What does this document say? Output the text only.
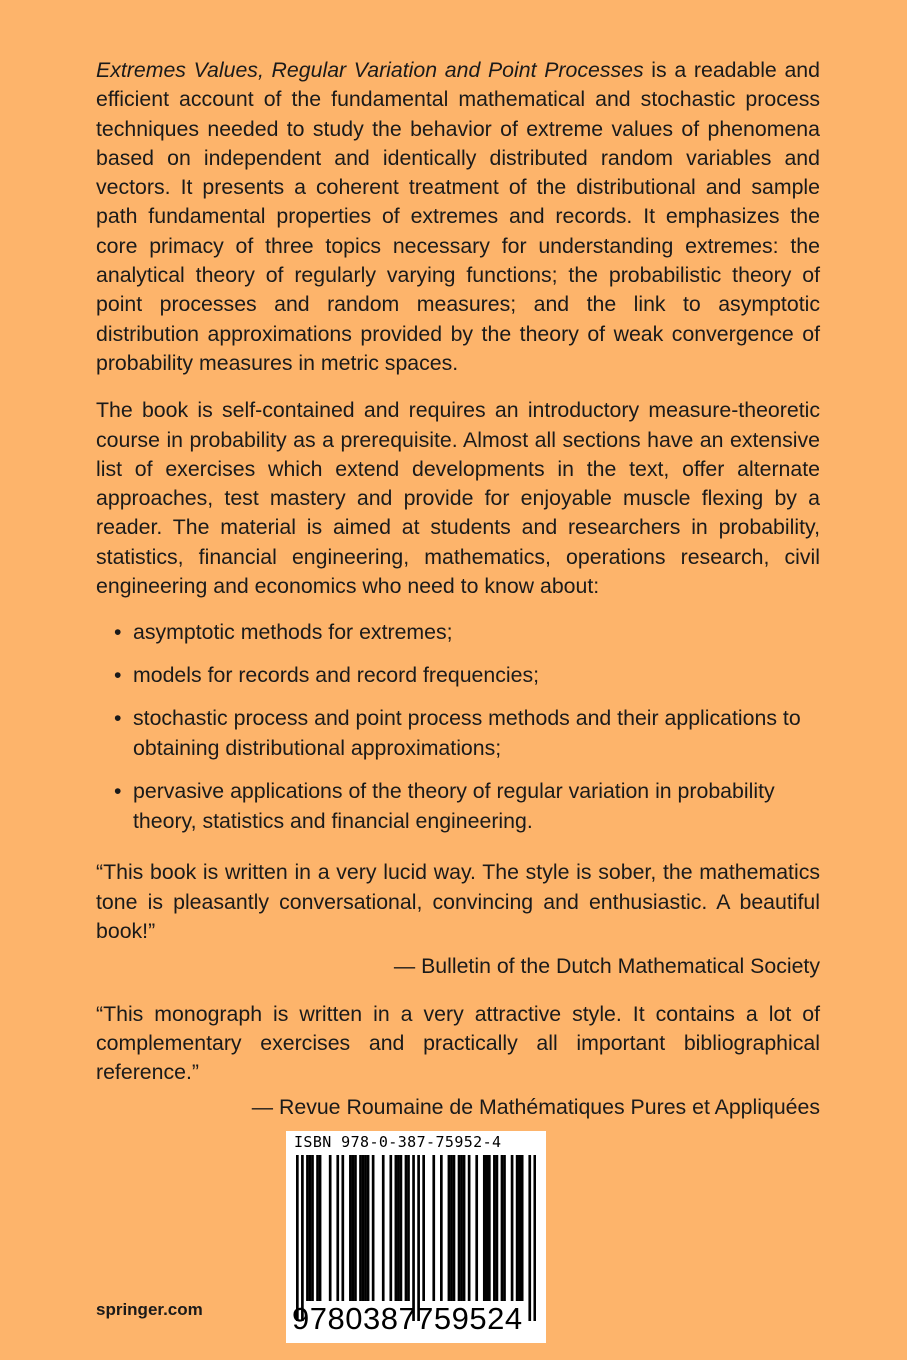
Extremes Values, Regular Variation and Point Processes is a readable and efficient account of the fundamental mathematical and stochastic process techniques needed to study the behavior of extreme values of phenomena based on independent and identically distributed random variables and vectors. It presents a coherent treatment of the distributional and sample path fundamental properties of extremes and records. It emphasizes the core primacy of three topics necessary for understanding extremes: the analytical theory of regularly varying functions; the probabilistic theory of point processes and random measures; and the link to asymptotic distribution approximations provided by the theory of weak convergence of probability measures in metric spaces.

The book is self-contained and requires an introductory measure-theoretic course in probability as a prerequisite. Almost all sections have an extensive list of exercises which extend developments in the text, offer alternate approaches, test mastery and provide for enjoyable muscle flexing by a reader. The material is aimed at students and researchers in probability, statistics, financial engineering, mathematics, operations research, civil engineering and economics who need to know about:

• asymptotic methods for extremes;
• models for records and record frequencies;
• stochastic process and point process methods and their applications to obtaining distributional approximations;
• pervasive applications of the theory of regular variation in probability theory, statistics and financial engineering.

“This book is written in a very lucid way. The style is sober, the mathematics tone is pleasantly conversational, convincing and enthusiastic. A beautiful book!”

— Bulletin of the Dutch Mathematical Society

“This monograph is written in a very attractive style. It contains a lot of complementary exercises and practically all important bibliographical reference.”

— Revue Roumaine de Mathématiques Pures et Appliquées

springer.com
ISBN 978-0-387-75952-4
9780387759524
